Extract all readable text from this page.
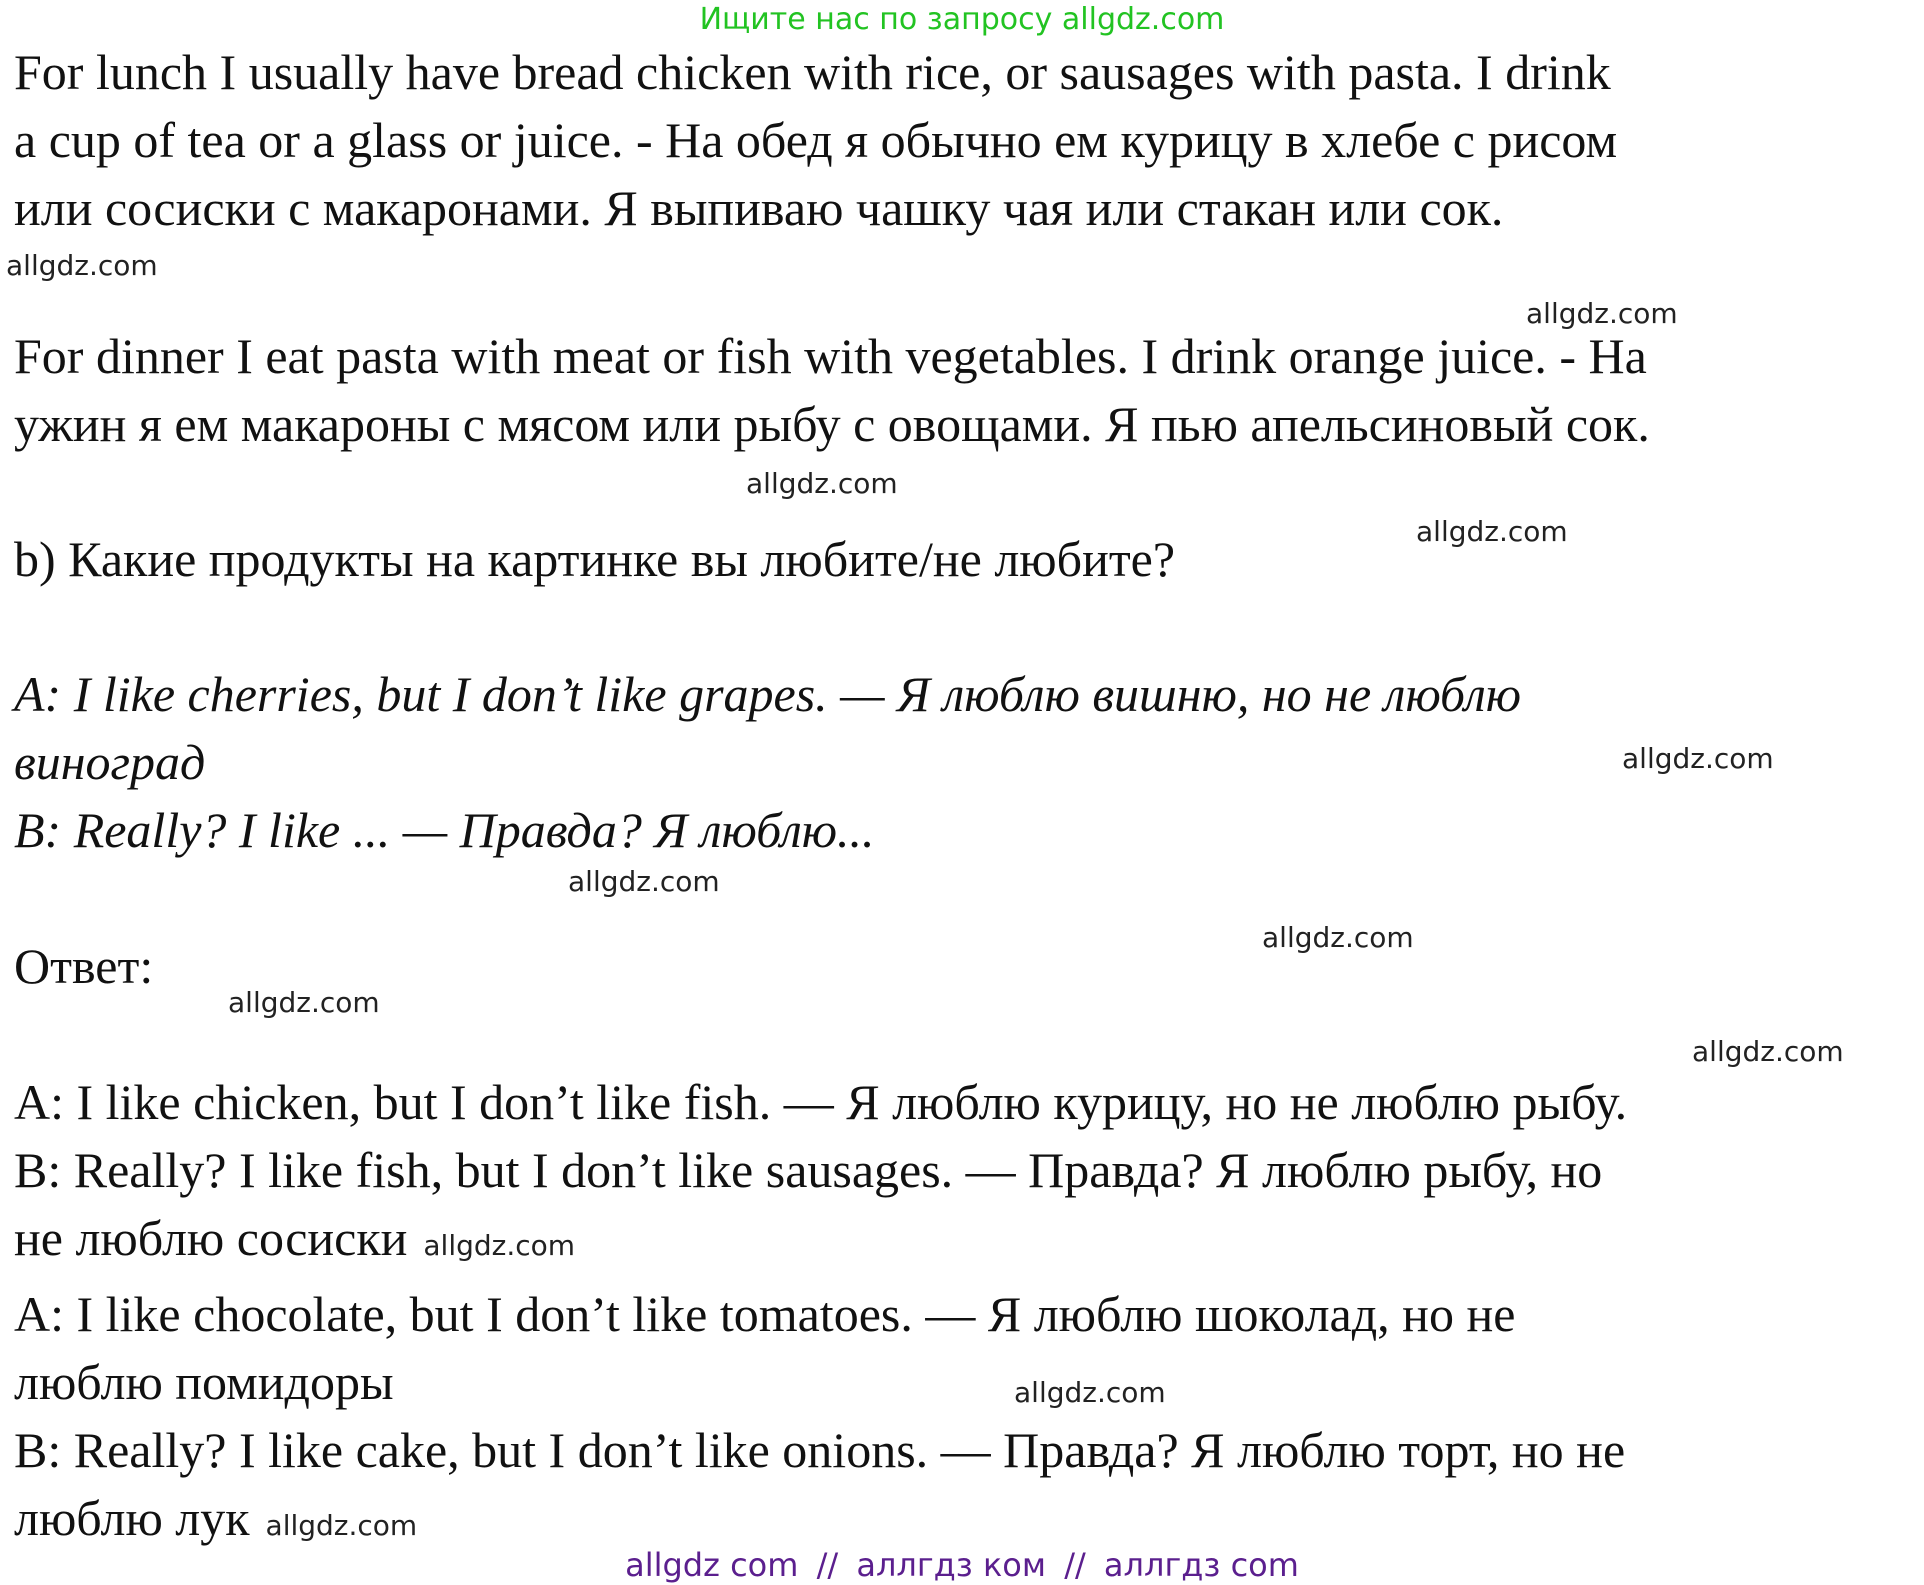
Ищите нас по запросу allgdz.com
For lunch I usually have bread chicken with rice, or sausages with pasta. I drink
a cup of tea or a glass or juice. - На обед я обычно ем курицу в хлебе с рисом
или сосиски с макаронами. Я выпиваю чашку чая или стакан или сок.
allgdz.com
allgdz.com
For dinner I eat pasta with meat or fish with vegetables. I drink orange juice. - На
ужин я ем макароны с мясом или рыбу с овощами. Я пью апельсиновый сок.
allgdz.com
b) Какие продукты на картинке вы любите/не любите?	allgdz.com
A: I like cherries, but I don’t like grapes. — Я люблю вишню, но не люблю
виноград
B: Really? I like ... — Правда? Я люблю...
allgdz.com
allgdz.com
allgdz.com
Ответ:
allgdz.com
allgdz.com
A: I like chicken, but I don’t like fish. — Я люблю курицу, но не люблю рыбу.
B: Really? I like fish, but I don’t like sausages. — Правда? Я люблю рыбу, но
не люблю сосиски allgdz.com
A: I like chocolate, but I don’t like tomatoes. — Я люблю шоколад, но не
люблю помидоры
B: Really? I like cake, but I don’t like onions. — Правда? Я люблю торт, но не
люблю лук allgdz.com
allgdz.com
allgdz com // аллгдз ком // аллгдз com
